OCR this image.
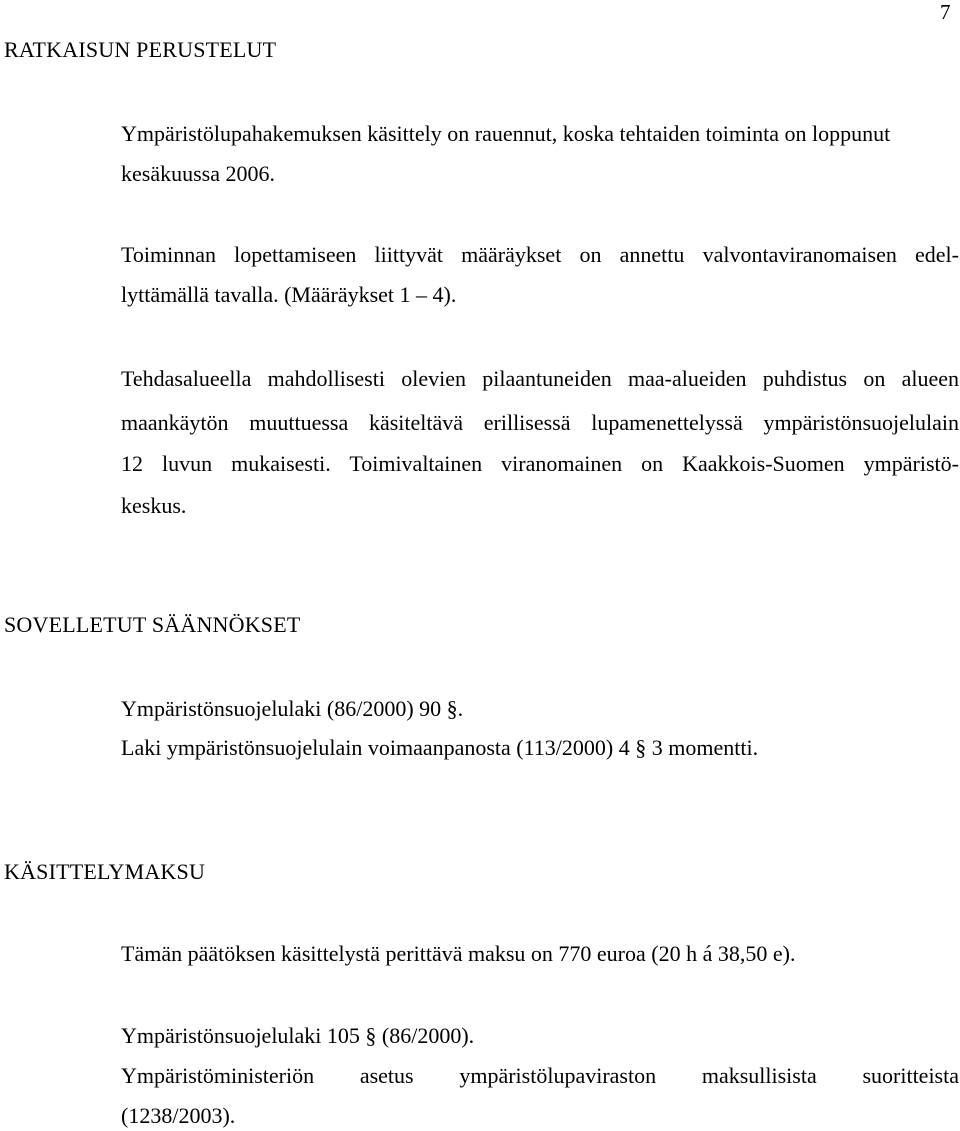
7
RATKAISUN PERUSTELUT
Ympäristölupahakemuksen käsittely on rauennut, koska tehtaiden toiminta on loppunut
kesäkuussa 2006.
Toiminnan lopettamiseen liittyvät määräykset on annettu valvontaviranomaisen edel-
lyttämällä tavalla. (Määräykset 1 – 4).
Tehdasalueella mahdollisesti olevien pilaantuneiden maa-alueiden puhdistus on alueen
maankäytön muuttuessa käsiteltävä erillisessä lupamenettelyssä ympäristönsuojelulain
12 luvun mukaisesti. Toimivaltainen viranomainen on Kaakkois-Suomen ympäristö-
keskus.
SOVELLETUT SÄÄNNÖKSET
Ympäristönsuojelulaki (86/2000) 90 §.
Laki ympäristönsuojelulain voimaanpanosta (113/2000) 4 § 3 momentti.
KÄSITTELYMAKSU
Tämän päätöksen käsittelystä perittävä maksu on 770 euroa (20 h á 38,50 e).
Ympäristönsuojelulaki 105 § (86/2000).
Ympäristöministeriön asetus ympäristölupaviraston maksullisista suoritteista
(1238/2003).
